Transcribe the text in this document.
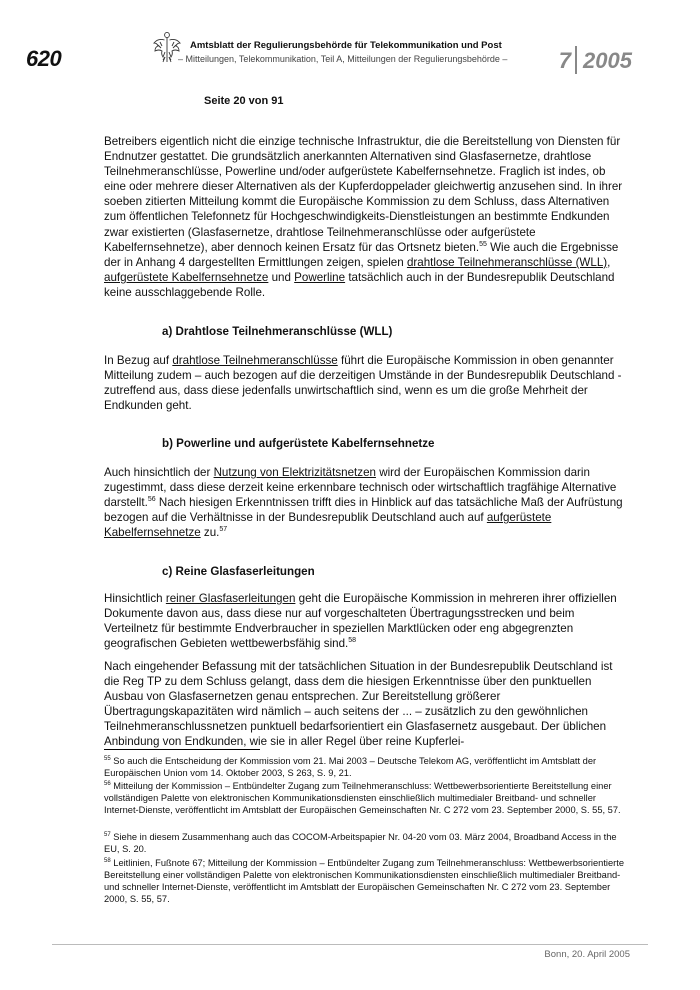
620
Amtsblatt der Regulierungsbehörde für Telekommunikation und Post
– Mitteilungen, Telekommunikation, Teil A, Mitteilungen der Regulierungsbehörde – 7 2005
Seite 20 von 91

Betreibers eigentlich nicht die einzige technische Infrastruktur, die die Bereitstellung von Diensten für Endnutzer gestattet. Die grundsätzlich anerkannten Alternativen sind Glasfasernetze, drahtlose Teilnehmeranschlüsse, Powerline und/oder aufgerüstete Kabelfernsehnetze. Fraglich ist indes, ob eine oder mehrere dieser Alternativen als der Kupferdoppelader gleichwertig anzusehen sind. In ihrer soeben zitierten Mitteilung kommt die Europäische Kommission zu dem Schluss, dass Alternativen zum öffentlichen Telefonnetz für Hochgeschwindigkeits-Dienstleistungen an bestimmte Endkunden zwar existierten (Glasfasernetze, drahtlose Teilnehmeranschlüsse oder aufgerüstete Kabelfernsehnetze), aber dennoch keinen Ersatz für das Ortsnetz bieten.$^{55}$ Wie auch die Ergebnisse der in Anhang 4 dargestellten Ermittlungen zeigen, spielen drahtlose Teilnehmeranschlüsse (WLL), aufgerüstete Kabelfernsehnetze und Powerline tatsächlich auch in der Bundesrepublik Deutschland keine ausschlaggebende Rolle.

a) Drahtlose Teilnehmeranschlüsse (WLL)

In Bezug auf drahtlose Teilnehmeranschlüsse führt die Europäische Kommission in oben genannter Mitteilung zudem – auch bezogen auf die derzeitigen Umstände in der Bundesrepublik Deutschland - zutreffend aus, dass diese jedenfalls unwirtschaftlich sind, wenn es um die große Mehrheit der Endkunden geht.

b) Powerline und aufgerüstete Kabelfernsehnetze

Auch hinsichtlich der Nutzung von Elektrizitätsnetzen wird der Europäischen Kommission darin zugestimmt, dass diese derzeit keine erkennbare technisch oder wirtschaftlich tragfähige Alternative darstellt.$^{56}$ Nach hiesigen Erkenntnissen trifft dies in Hinblick auf das tatsächliche Maß der Aufrüstung bezogen auf die Verhältnisse in der Bundesrepublik Deutschland auch auf aufgerüstete Kabelfernsehnetze zu.$^{57}$

c) Reine Glasfaserleitungen

Hinsichtlich reiner Glasfaserleitungen geht die Europäische Kommission in mehreren ihrer offiziellen Dokumente davon aus, dass diese nur auf vorgeschalteten Übertragungsstrecken und beim Verteilnetz für bestimmte Endverbraucher in speziellen Marktlücken oder eng abgegrenzten geografischen Gebieten wettbewerbsfähig sind.$^{58}$

Nach eingehender Befassung mit der tatsächlichen Situation in der Bundesrepublik Deutschland ist die Reg TP zu dem Schluss gelangt, dass dem die hiesigen Erkenntnisse über den punktuellen Ausbau von Glasfasernetzen genau entsprechen. Zur Bereitstellung größerer Übertragungskapazitäten wird nämlich – auch seitens der ... – zusätzlich zu den gewöhnlichen Teilnehmeranschlussnetzen punktuell bedarfsorientiert ein Glasfasernetz ausgebaut. Der üblichen Anbindung von Endkunden, wie sie in aller Regel über reine Kupferlei-

$^{55}$ So auch die Entscheidung der Kommission vom 21. Mai 2003 – Deutsche Telekom AG, veröffentlicht im Amtsblatt der Europäischen Union vom 14. Oktober 2003, S 263, S. 9, 21.

$^{56}$ Mitteilung der Kommission – Entbündelter Zugang zum Teilnehmeranschluss: Wettbewerbsorientierte Bereitstellung einer vollständigen Palette von elektronischen Kommunikationsdiensten einschließlich multimedialer Breitband- und schneller Internet-Dienste, veröffentlicht im Amtsblatt der Europäischen Gemeinschaften Nr. C 272 vom 23. September 2000, S. 55, 57.

$^{57}$ Siehe in diesem Zusammenhang auch das COCOM-Arbeitspapier Nr. 04-20 vom 03. März 2004, Broadband Access in the EU, S. 20.

$^{58}$ Leitlinien, Fußnote 67; Mitteilung der Kommission – Entbündelter Zugang zum Teilnehmeranschluss: Wettbewerbsorientierte Bereitstellung einer vollständigen Palette von elektronischen Kommunikationsdiensten einschließlich multimedialer Breitband- und schneller Internet-Dienste, veröffentlicht im Amtsblatt der Europäischen Gemeinschaften Nr. C 272 vom 23. September 2000, S. 55, 57.

Bonn, 20. April 2005
